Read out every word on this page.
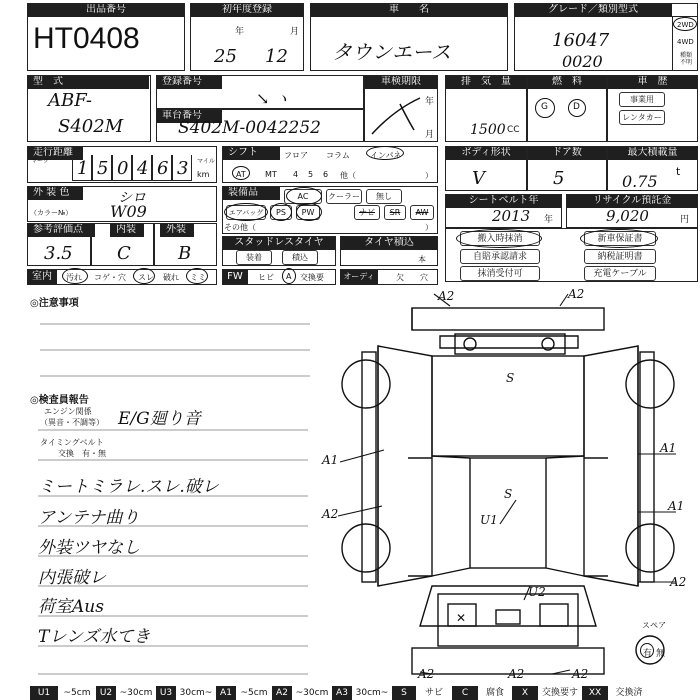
出品番号
HT0408
初年度登録
年	月
25 12
車　　名
タウンエース
グレード／類別型式
16047
0020
2WD
4WD
種類不明
型　式
ABF-
S402M
登録番号
↘ ヽ
車台番号
S402M-0042252
車検期限
年
月
排　気　量
1500 CC
燃　料
G	D
車　歴
事業用
レンタカー
走行距離
マーク 1 5 0 4 6 3 マイル
km
シフト	フロア コラム	インパネ
AT MT 4 5 6 他（	）
ボディ形状
V
ドア数
5
最大積載量
0.75
t
外 装 色	シロ
（カラー№） W09
装備品	AC	クーラー	無し
エアバッグ	PS	PW	ナビ	SR	AW
その他（	）
シートベルト年
2013 年
リサイクル預託金
9,020	円
参考評価点
3.5
内装
C
外装
B
スタッドレスタイヤ
装着	積込
タイヤ積込
本
搬入時抹消
自賠承認請求
抹消受付可
新車保証書
納税証明書
充電ケーブル
室内	汚れ コゲ・穴 スレ 破れ ミミ	FW	ヒビ A 交換要	オーディオ
欠 穴
◎注意事項
◎検査員報告
エンジン関係
（異音・不調等） E/G廻り音
タイミングベルト
交換　有・無
ミートミラレ.スレ.破レ
アンテナ曲り
外装ツヤなし
内張破レ
荷室Aus
Tレンズ水てき
A2	A2
S
A1
A2
S
U1
A1
A1
U2
A2
A2	A2	A2
✕
スペア
有 無
U1	~5cm	U2 ~30cm U3 30cm~ A1 ~5cm A2 ~30cm A3 30cm~	S	サビ	C	腐食	X	交換要す	XX	交換済
